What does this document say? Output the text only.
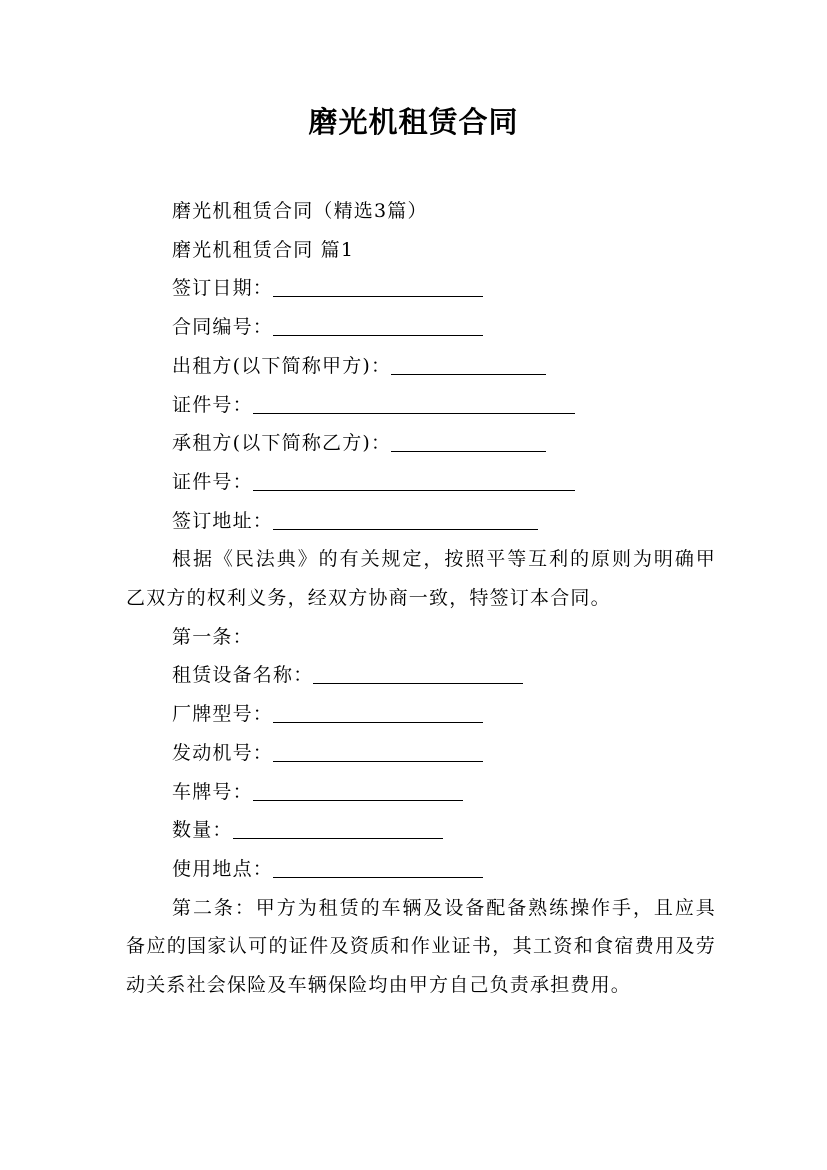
磨光机租赁合同
磨光机租赁合同（精选3篇）
磨光机租赁合同 篇1
签订日期：
合同编号：
出租方(以下简称甲方)：
证件号：
承租方(以下简称乙方)：
证件号：
签订地址：
根据《民法典》的有关规定，按照平等互利的原则为明确甲乙双方的权利义务，经双方协商一致，特签订本合同。
第一条：
租赁设备名称：
厂牌型号：
发动机号：
车牌号：
数量：
使用地点：
第二条：甲方为租赁的车辆及设备配备熟练操作手，且应具备应的国家认可的证件及资质和作业证书，其工资和食宿费用及劳动关系社会保险及车辆保险均由甲方自己负责承担费用。
